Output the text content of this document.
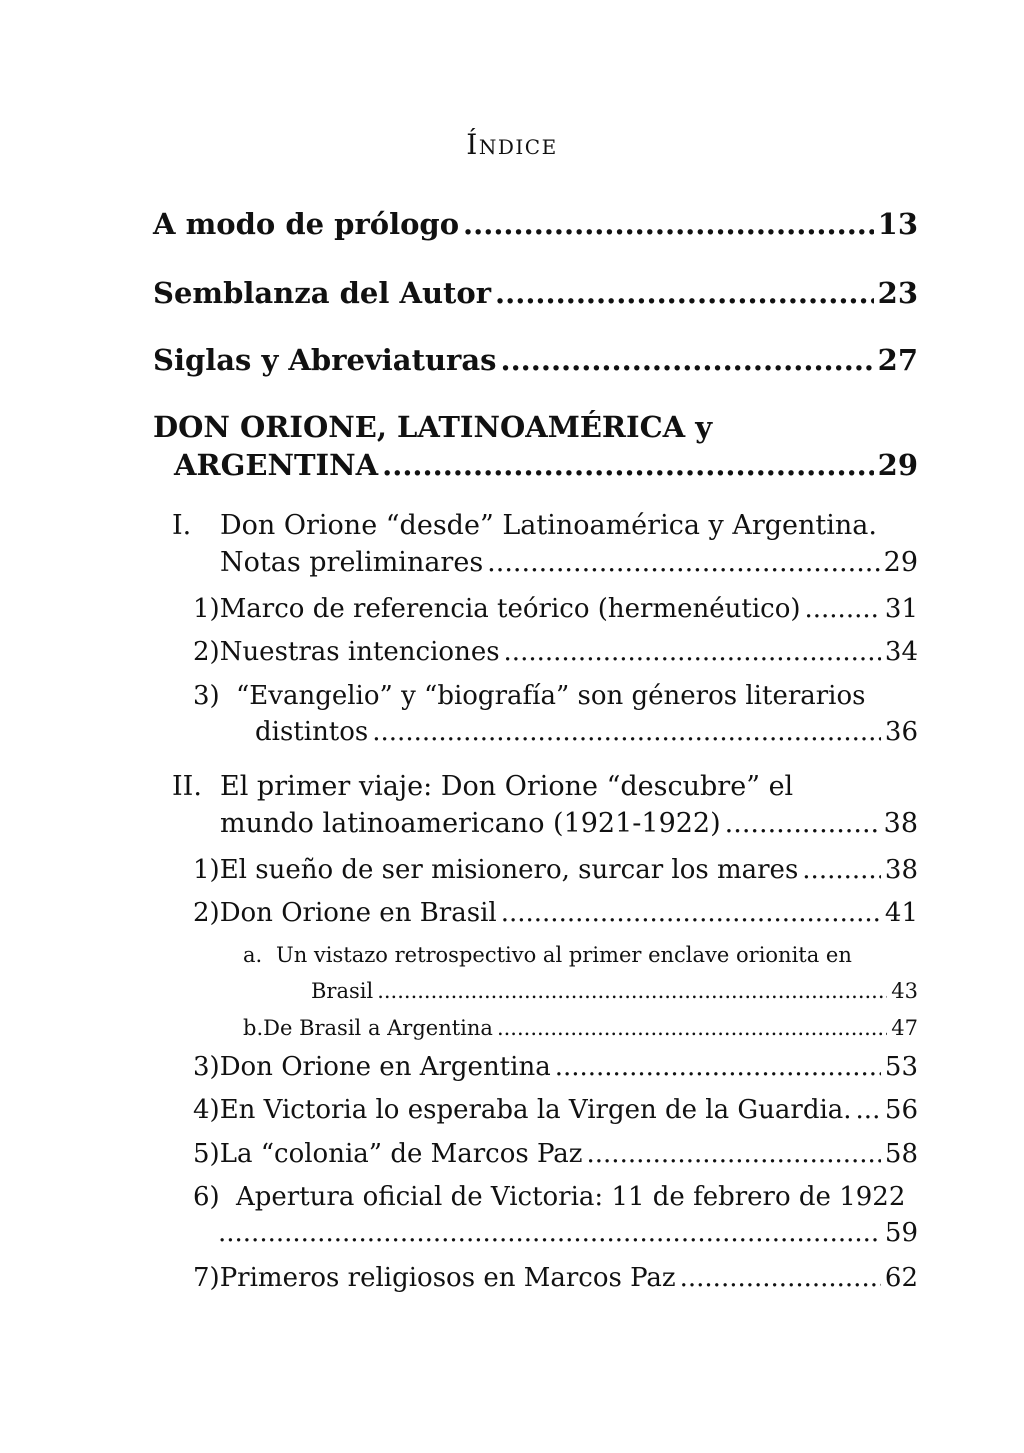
Índice
A modo de prólogo .....	13
Semblanza del Autor .....	23
Siglas y Abreviaturas .....	27
DON ORIONE, LATINOAMÉRICA y
ARGENTINA .....	29
I.	Don Orione “desde” Latinoamérica y Argentina.
Notas preliminares .....	29
1) Marco de referencia teórico (hermenéutico) .....	31
2) Nuestras intenciones .....	34
3) “Evangelio” y “biografía” son géneros literarios
distintos .....	36
II. El primer viaje: Don Orione “descubre” el
mundo latinoamericano (1921-1922) .....	38
1) El sueño de ser misionero, surcar los mares .....	38
2) Don Orione en Brasil .....	41
a. Un vistazo retrospectivo al primer enclave orionita en
Brasil .....	43
b. De Brasil a Argentina .....	47
3) Don Orione en Argentina .....	53
4) En Victoria lo esperaba la Virgen de la Guardia. ..... 56
5) La “colonia” de Marcos Paz .....	58
6) Apertura oficial de Victoria: 11 de febrero de 1922
.....
59
7) Primeros religiosos en Marcos Paz .....	62
